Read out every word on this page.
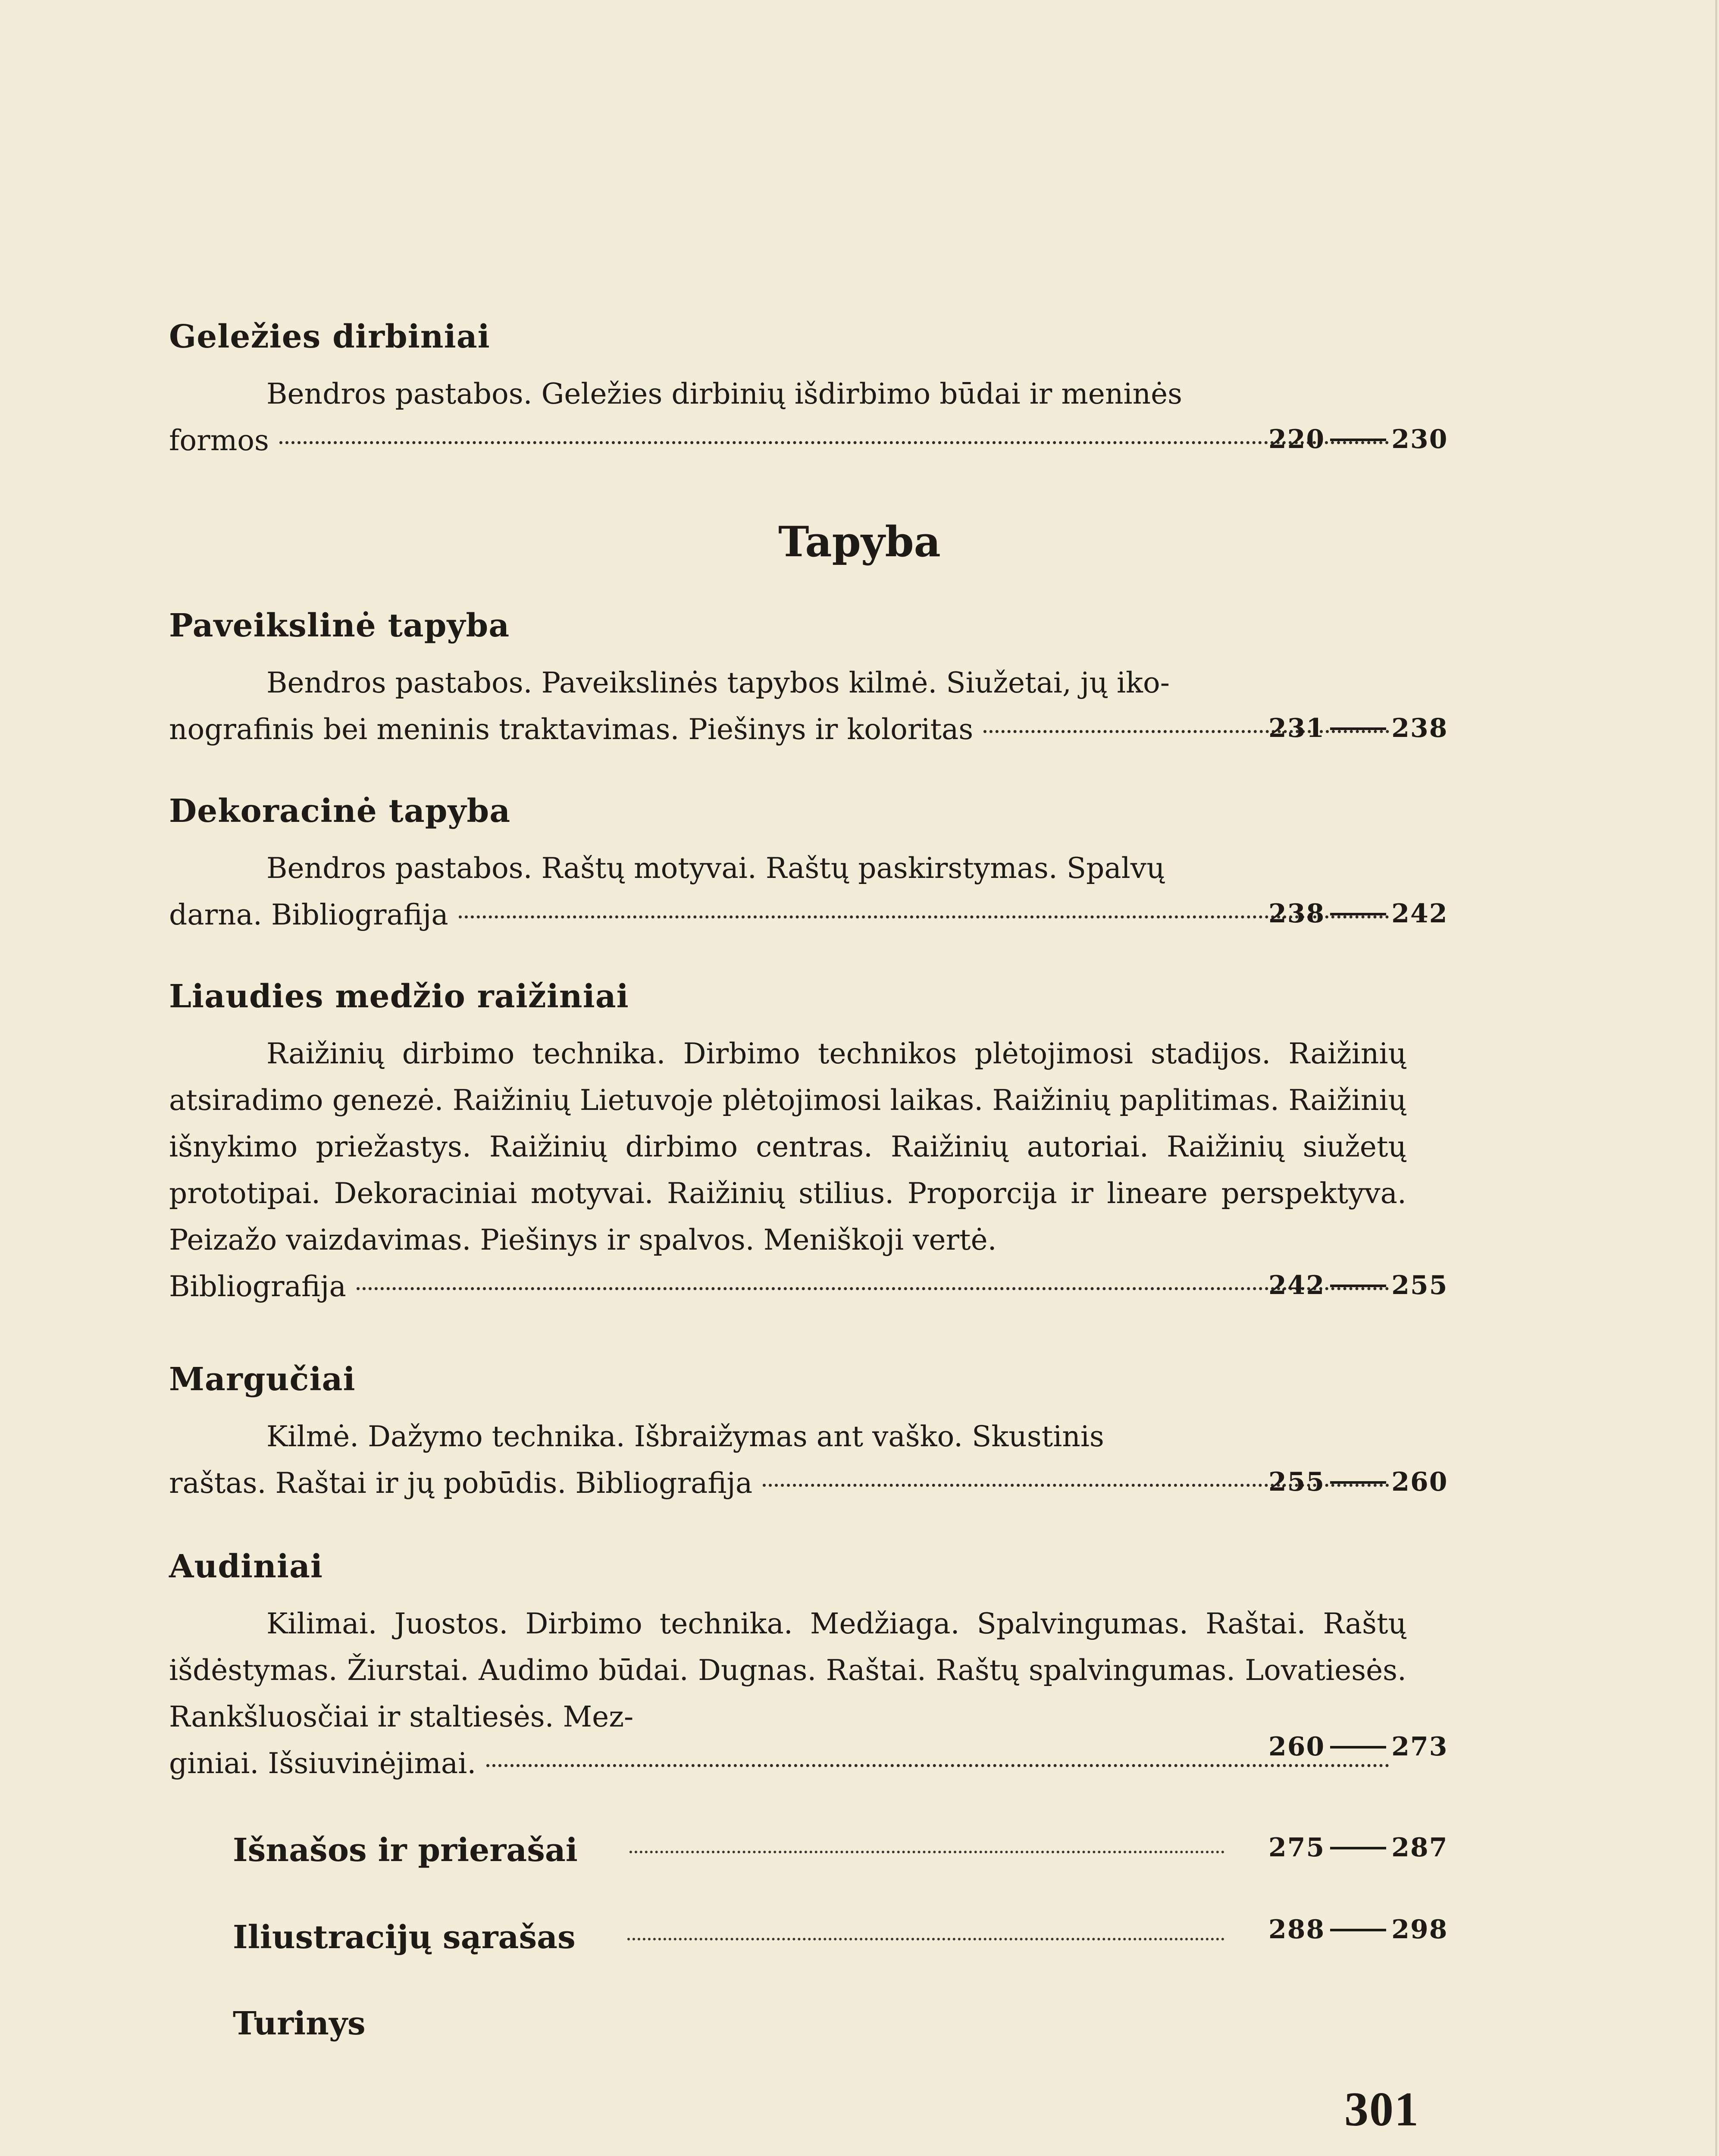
Geležies dirbiniai

Bendros pastabos. Geležies dirbinių išdirbimo būdai ir meninės

formos	220	230
Tapyba
Paveikslinė tapyba

Bendros pastabos. Paveikslinės tapybos kilmė. Siužetai, jų iko-

nografinis bei meninis traktavimas. Piešinys ir koloritas	231	238
Dekoracinė tapyba

Bendros pastabos. Raštų motyvai. Raštų paskirstymas. Spalvų

darna. Bibliografija	238	242
Liaudies medžio raižiniai

Raižinių dirbimo technika. Dirbimo technikos plėtojimosi stadijos. Raižinių atsiradimo genezė. Raižinių Lietuvoje plėtojimosi laikas. Raižinių paplitimas. Raižinių išnykimo priežastys. Raižinių dirbimo centras. Raižinių autoriai. Raižinių siužetų prototipai. Dekoraciniai motyvai. Raižinių stilius. Proporcija ir lineare perspektyva. Peizažo vaizdavimas. Piešinys ir spalvos. Meniškoji vertė.

Bibliografija	242	255
Margučiai

Kilmė. Dažymo technika. Išbraižymas ant vaško. Skustinis

raštas. Raštai ir jų pobūdis. Bibliografija	255	260
Audiniai

Kilimai. Juostos. Dirbimo technika. Medžiaga. Spalvingumas. Raštai. Raštų išdėstymas. Žiurstai. Audimo būdai. Dugnas. Raštai. Raštų spalvingumas. Lovatiesės. Rankšluosčiai ir staltiesės. Mez-

giniai. Išsiuvinėjimai.	260	273
Išnašos ir prierašai	275	287
Iliustracijų sąrašas	288	298
Turinys
301
